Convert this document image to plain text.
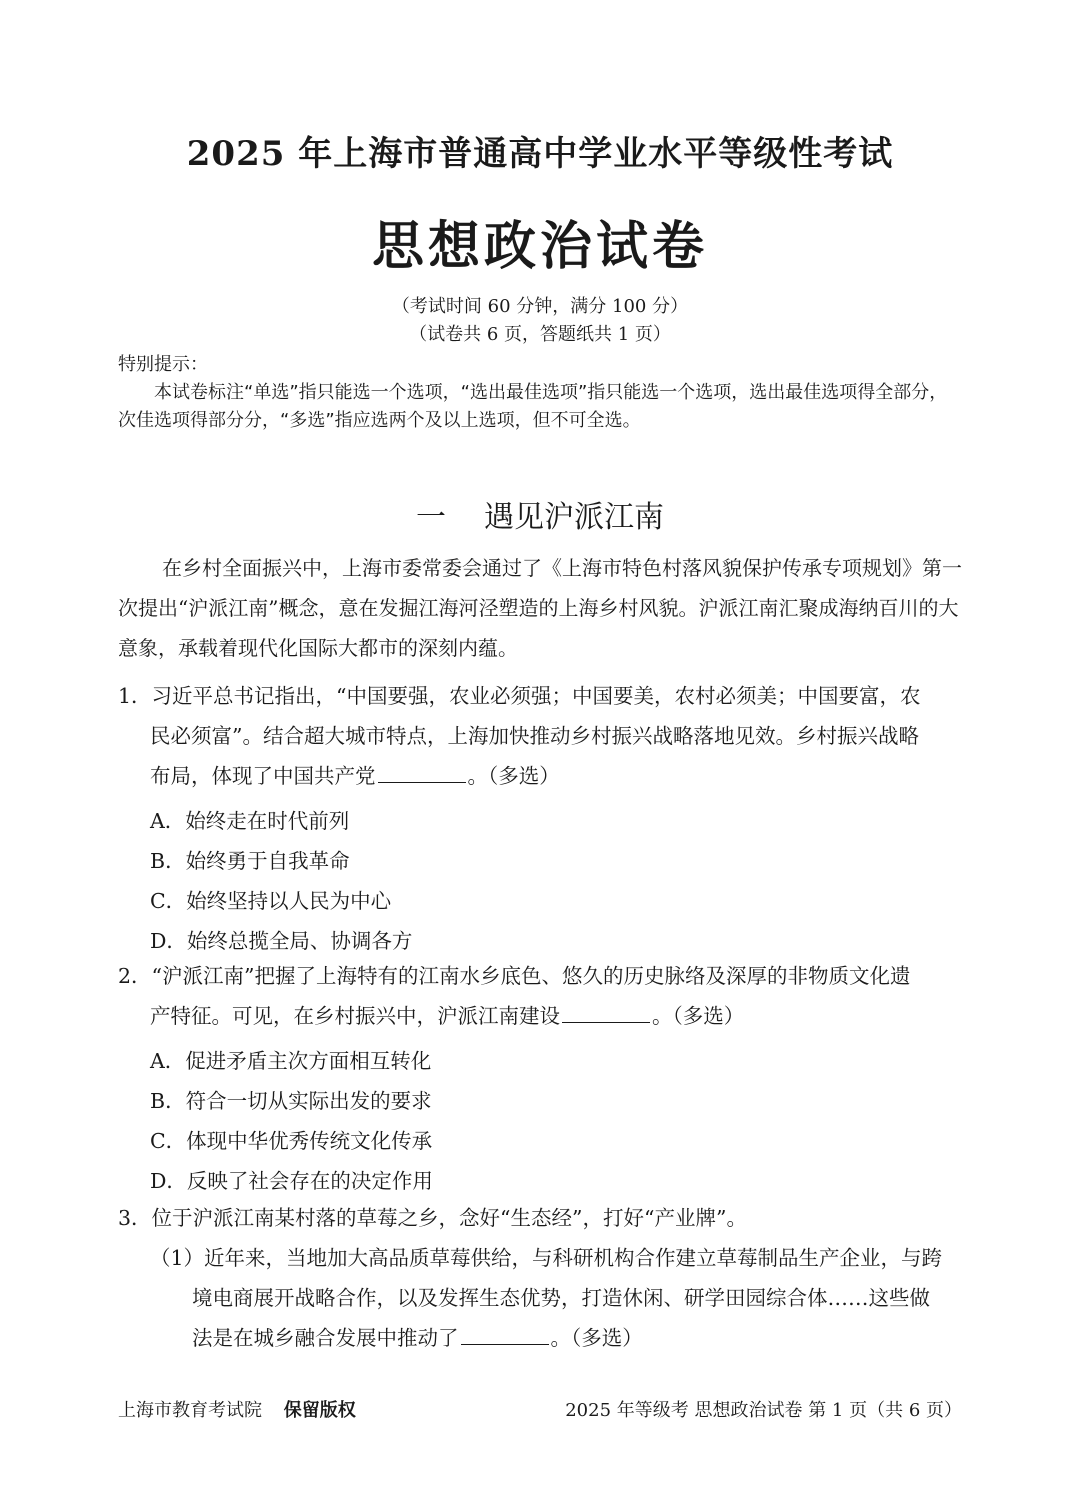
2025 年上海市普通高中学业水平等级性考试
思想政治试卷
（考试时间 60 分钟，满分 100 分）
（试卷共 6 页，答题纸共 1 页）
特别提示：
本试卷标注“单选”指只能选一个选项，“选出最佳选项”指只能选一个选项，选出最佳选项得全部分，次佳选项得部分分，“多选”指应选两个及以上选项，但不可全选。
一 遇见沪派江南
在乡村全面振兴中，上海市委常委会通过了《上海市特色村落风貌保护传承专项规划》第一次提出“沪派江南”概念，意在发掘江海河泾塑造的上海乡村风貌。沪派江南汇聚成海纳百川的大意象，承载着现代化国际大都市的深刻内蕴。
1．习近平总书记指出，“中国要强，农业必须强；中国要美，农村必须美；中国要富，农
民必须富”。结合超大城市特点，上海加快推动乡村振兴战略落地见效。乡村振兴战略
布局，体现了中国共产党	。（多选）
A．始终走在时代前列
B．始终勇于自我革命
C．始终坚持以人民为中心
D．始终总揽全局、协调各方
2．“沪派江南”把握了上海特有的江南水乡底色、悠久的历史脉络及深厚的非物质文化遗
产特征。可见，在乡村振兴中，沪派江南建设	。（多选）
A．促进矛盾主次方面相互转化
B．符合一切从实际出发的要求
C．体现中华优秀传统文化传承
D．反映了社会存在的决定作用
3．位于沪派江南某村落的草莓之乡，念好“生态经”，打好“产业牌”。
（1）近年来，当地加大高品质草莓供给，与科研机构合作建立草莓制品生产企业，与跨
境电商展开战略合作，以及发挥生态优势，打造休闲、研学田园综合体……这些做
法是在城乡融合发展中推动了	。（多选）
上海市教育考试院 保留版权	2025 年等级考 思想政治试卷 第 1 页（共 6 页）
